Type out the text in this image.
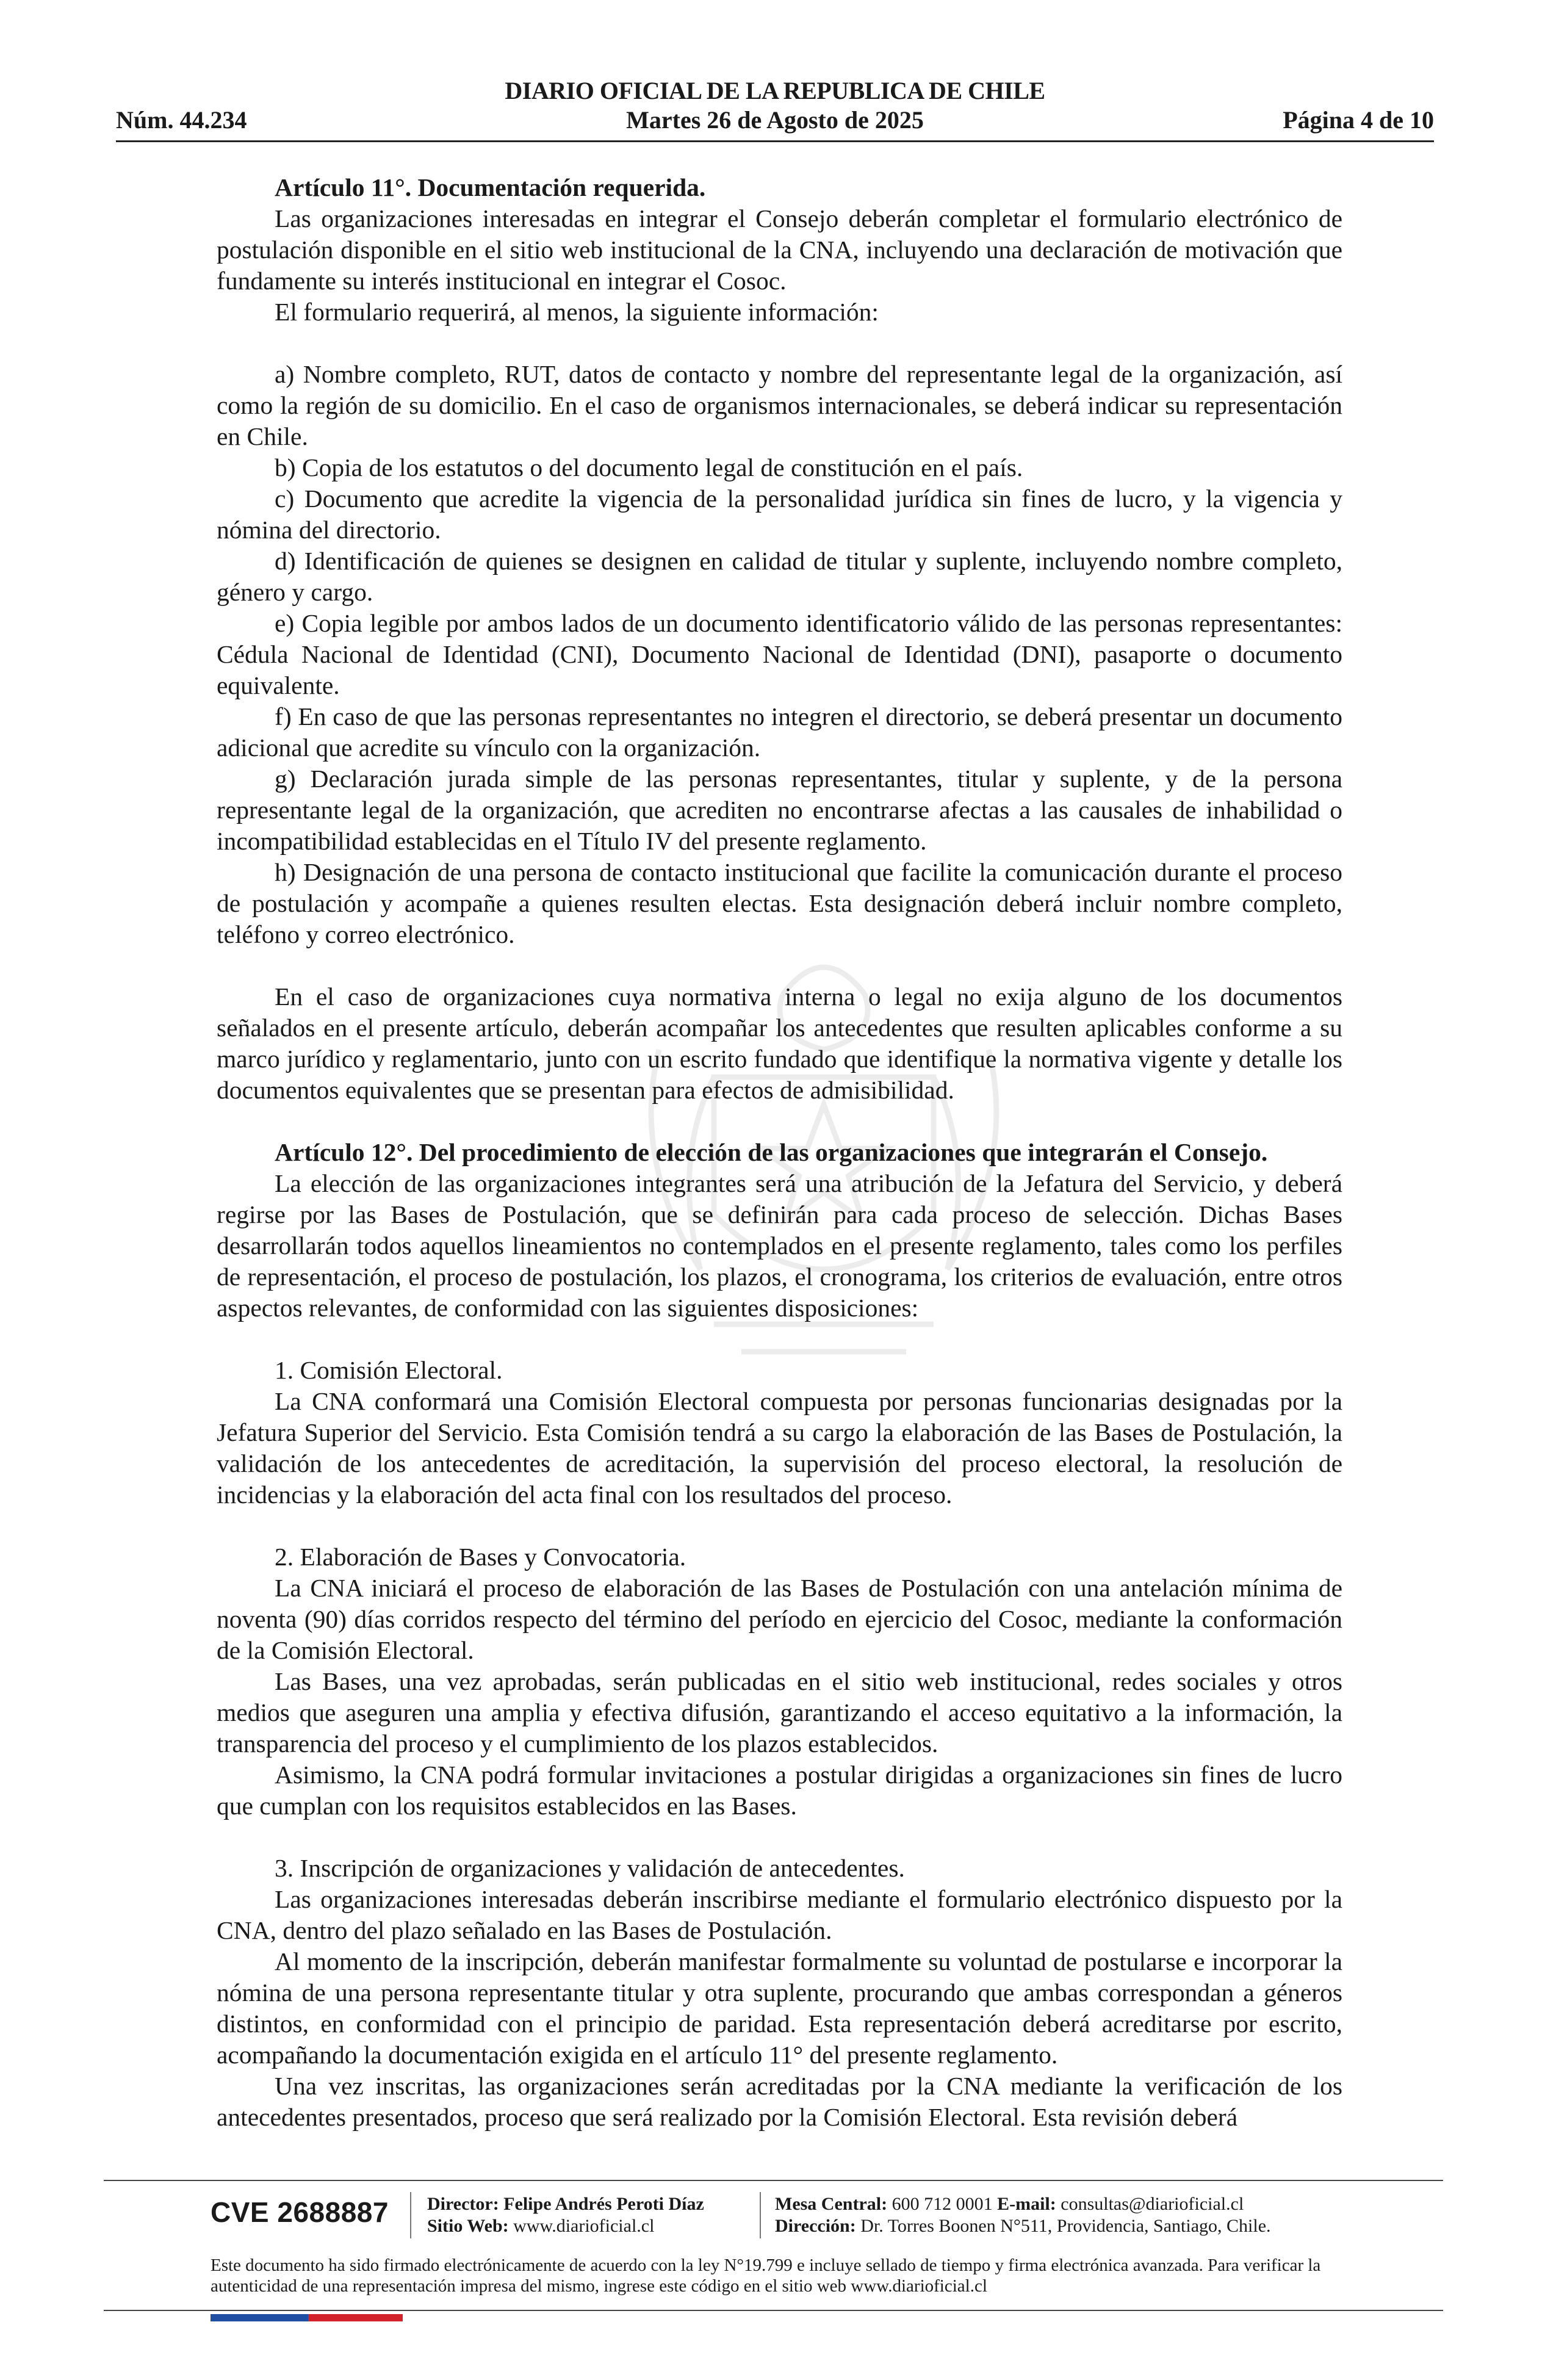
DIARIO OFICIAL DE LA REPUBLICA DE CHILE
Núm. 44.234	Martes 26 de Agosto de 2025	Página 4 de 10
Artículo 11°. Documentación requerida.

Las organizaciones interesadas en integrar el Consejo deberán completar el formulario electrónico de postulación disponible en el sitio web institucional de la CNA, incluyendo una declaración de motivación que fundamente su interés institucional en integrar el Cosoc.

El formulario requerirá, al menos, la siguiente información:

a) Nombre completo, RUT, datos de contacto y nombre del representante legal de la organización, así como la región de su domicilio. En el caso de organismos internacionales, se deberá indicar su representación en Chile.

b) Copia de los estatutos o del documento legal de constitución en el país.

c) Documento que acredite la vigencia de la personalidad jurídica sin fines de lucro, y la vigencia y nómina del directorio.

d) Identificación de quienes se designen en calidad de titular y suplente, incluyendo nombre completo, género y cargo.

e) Copia legible por ambos lados de un documento identificatorio válido de las personas representantes: Cédula Nacional de Identidad (CNI), Documento Nacional de Identidad (DNI), pasaporte o documento equivalente.

f) En caso de que las personas representantes no integren el directorio, se deberá presentar un documento adicional que acredite su vínculo con la organización.

g) Declaración jurada simple de las personas representantes, titular y suplente, y de la persona representante legal de la organización, que acrediten no encontrarse afectas a las causales de inhabilidad o incompatibilidad establecidas en el Título IV del presente reglamento.

h) Designación de una persona de contacto institucional que facilite la comunicación durante el proceso de postulación y acompañe a quienes resulten electas. Esta designación deberá incluir nombre completo, teléfono y correo electrónico.

En el caso de organizaciones cuya normativa interna o legal no exija alguno de los documentos señalados en el presente artículo, deberán acompañar los antecedentes que resulten aplicables conforme a su marco jurídico y reglamentario, junto con un escrito fundado que identifique la normativa vigente y detalle los documentos equivalentes que se presentan para efectos de admisibilidad.

Artículo 12°. Del procedimiento de elección de las organizaciones que integrarán el Consejo.

La elección de las organizaciones integrantes será una atribución de la Jefatura del Servicio, y deberá regirse por las Bases de Postulación, que se definirán para cada proceso de selección. Dichas Bases desarrollarán todos aquellos lineamientos no contemplados en el presente reglamento, tales como los perfiles de representación, el proceso de postulación, los plazos, el cronograma, los criterios de evaluación, entre otros aspectos relevantes, de conformidad con las siguientes disposiciones:

1. Comisión Electoral.

La CNA conformará una Comisión Electoral compuesta por personas funcionarias designadas por la Jefatura Superior del Servicio. Esta Comisión tendrá a su cargo la elaboración de las Bases de Postulación, la validación de los antecedentes de acreditación, la supervisión del proceso electoral, la resolución de incidencias y la elaboración del acta final con los resultados del proceso.

2. Elaboración de Bases y Convocatoria.

La CNA iniciará el proceso de elaboración de las Bases de Postulación con una antelación mínima de noventa (90) días corridos respecto del término del período en ejercicio del Cosoc, mediante la conformación de la Comisión Electoral.

Las Bases, una vez aprobadas, serán publicadas en el sitio web institucional, redes sociales y otros medios que aseguren una amplia y efectiva difusión, garantizando el acceso equitativo a la información, la transparencia del proceso y el cumplimiento de los plazos establecidos.

Asimismo, la CNA podrá formular invitaciones a postular dirigidas a organizaciones sin fines de lucro que cumplan con los requisitos establecidos en las Bases.

3. Inscripción de organizaciones y validación de antecedentes.

Las organizaciones interesadas deberán inscribirse mediante el formulario electrónico dispuesto por la CNA, dentro del plazo señalado en las Bases de Postulación.

Al momento de la inscripción, deberán manifestar formalmente su voluntad de postularse e incorporar la nómina de una persona representante titular y otra suplente, procurando que ambas correspondan a géneros distintos, en conformidad con el principio de paridad. Esta representación deberá acreditarse por escrito, acompañando la documentación exigida en el artículo 11° del presente reglamento.

Una vez inscritas, las organizaciones serán acreditadas por la CNA mediante la verificación de los antecedentes presentados, proceso que será realizado por la Comisión Electoral. Esta revisión deberá

CVE 2688887 Director: Felipe Andrés Peroti Díaz
Sitio Web: www.diarioficial.cl
Mesa Central: 600 712 0001 E-mail: consultas@diarioficial.cl
Dirección: Dr. Torres Boonen N°511, Providencia, Santiago, Chile.
Este documento ha sido firmado electrónicamente de acuerdo con la ley N°19.799 e incluye sellado de tiempo y firma electrónica avanzada. Para verificar la autenticidad de una representación impresa del mismo, ingrese este código en el sitio web www.diarioficial.cl
